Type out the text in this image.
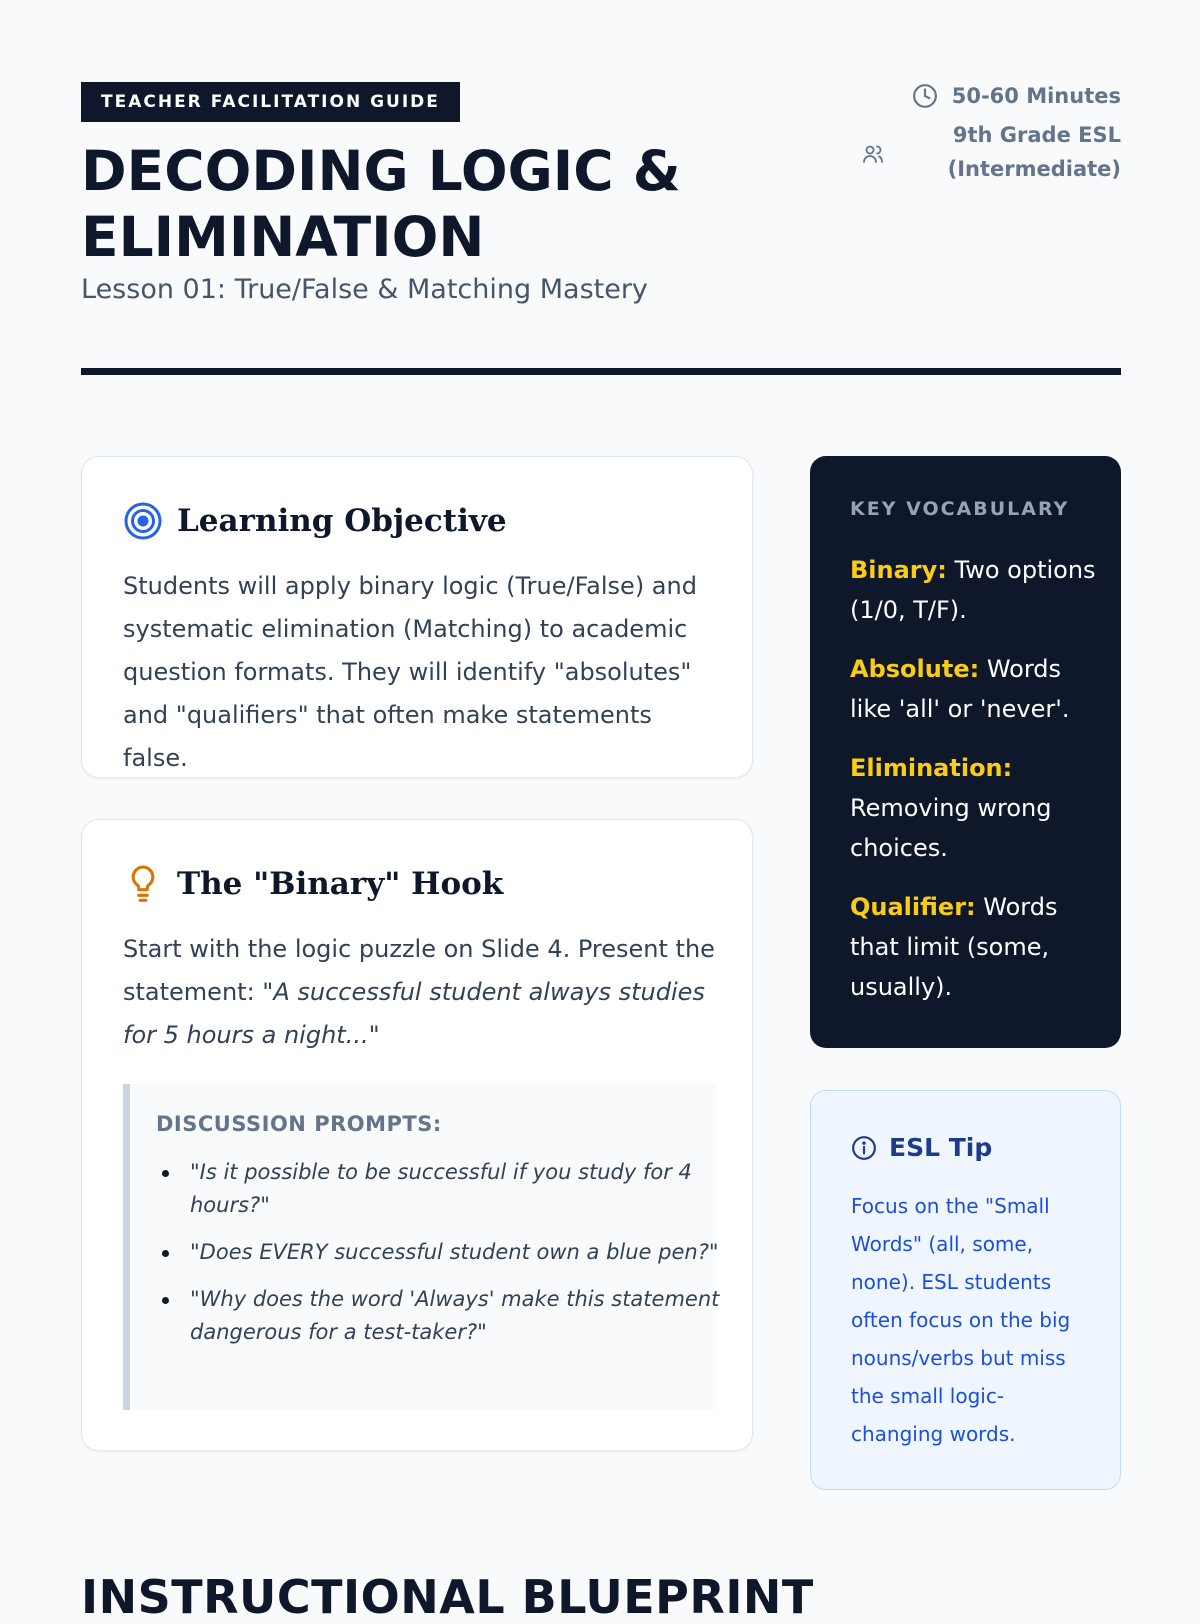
TEACHER FACILITATION GUIDE
DECODING LOGIC & ELIMINATION
Lesson 01: True/False & Matching Mastery
50-60 Minutes
9th Grade ESL (Intermediate)
Learning Objective

Students will apply binary logic (True/False) and systematic elimination (Matching) to academic question formats. They will identify "absolutes" and "qualifiers" that often make statements false.

The "Binary" Hook

Start with the logic puzzle on Slide 4. Present the statement: "A successful student always studies for 5 hours a night..."

DISCUSSION PROMPTS:
"Is it possible to be successful if you study for 4 hours?"
"Does EVERY successful student own a blue pen?"
"Why does the word 'Always' make this statement dangerous for a test-taker?"
KEY VOCABULARY
Binary: Two options (1/0, T/F).
Absolute: Words like 'all' or 'never'.
Elimination: Removing wrong choices.
Qualifier: Words that limit (some, usually).
ESL Tip

Focus on the "Small Words" (all, some, none). ESL students often focus on the big nouns/verbs but miss the small logic-changing words.

INSTRUCTIONAL BLUEPRINT
